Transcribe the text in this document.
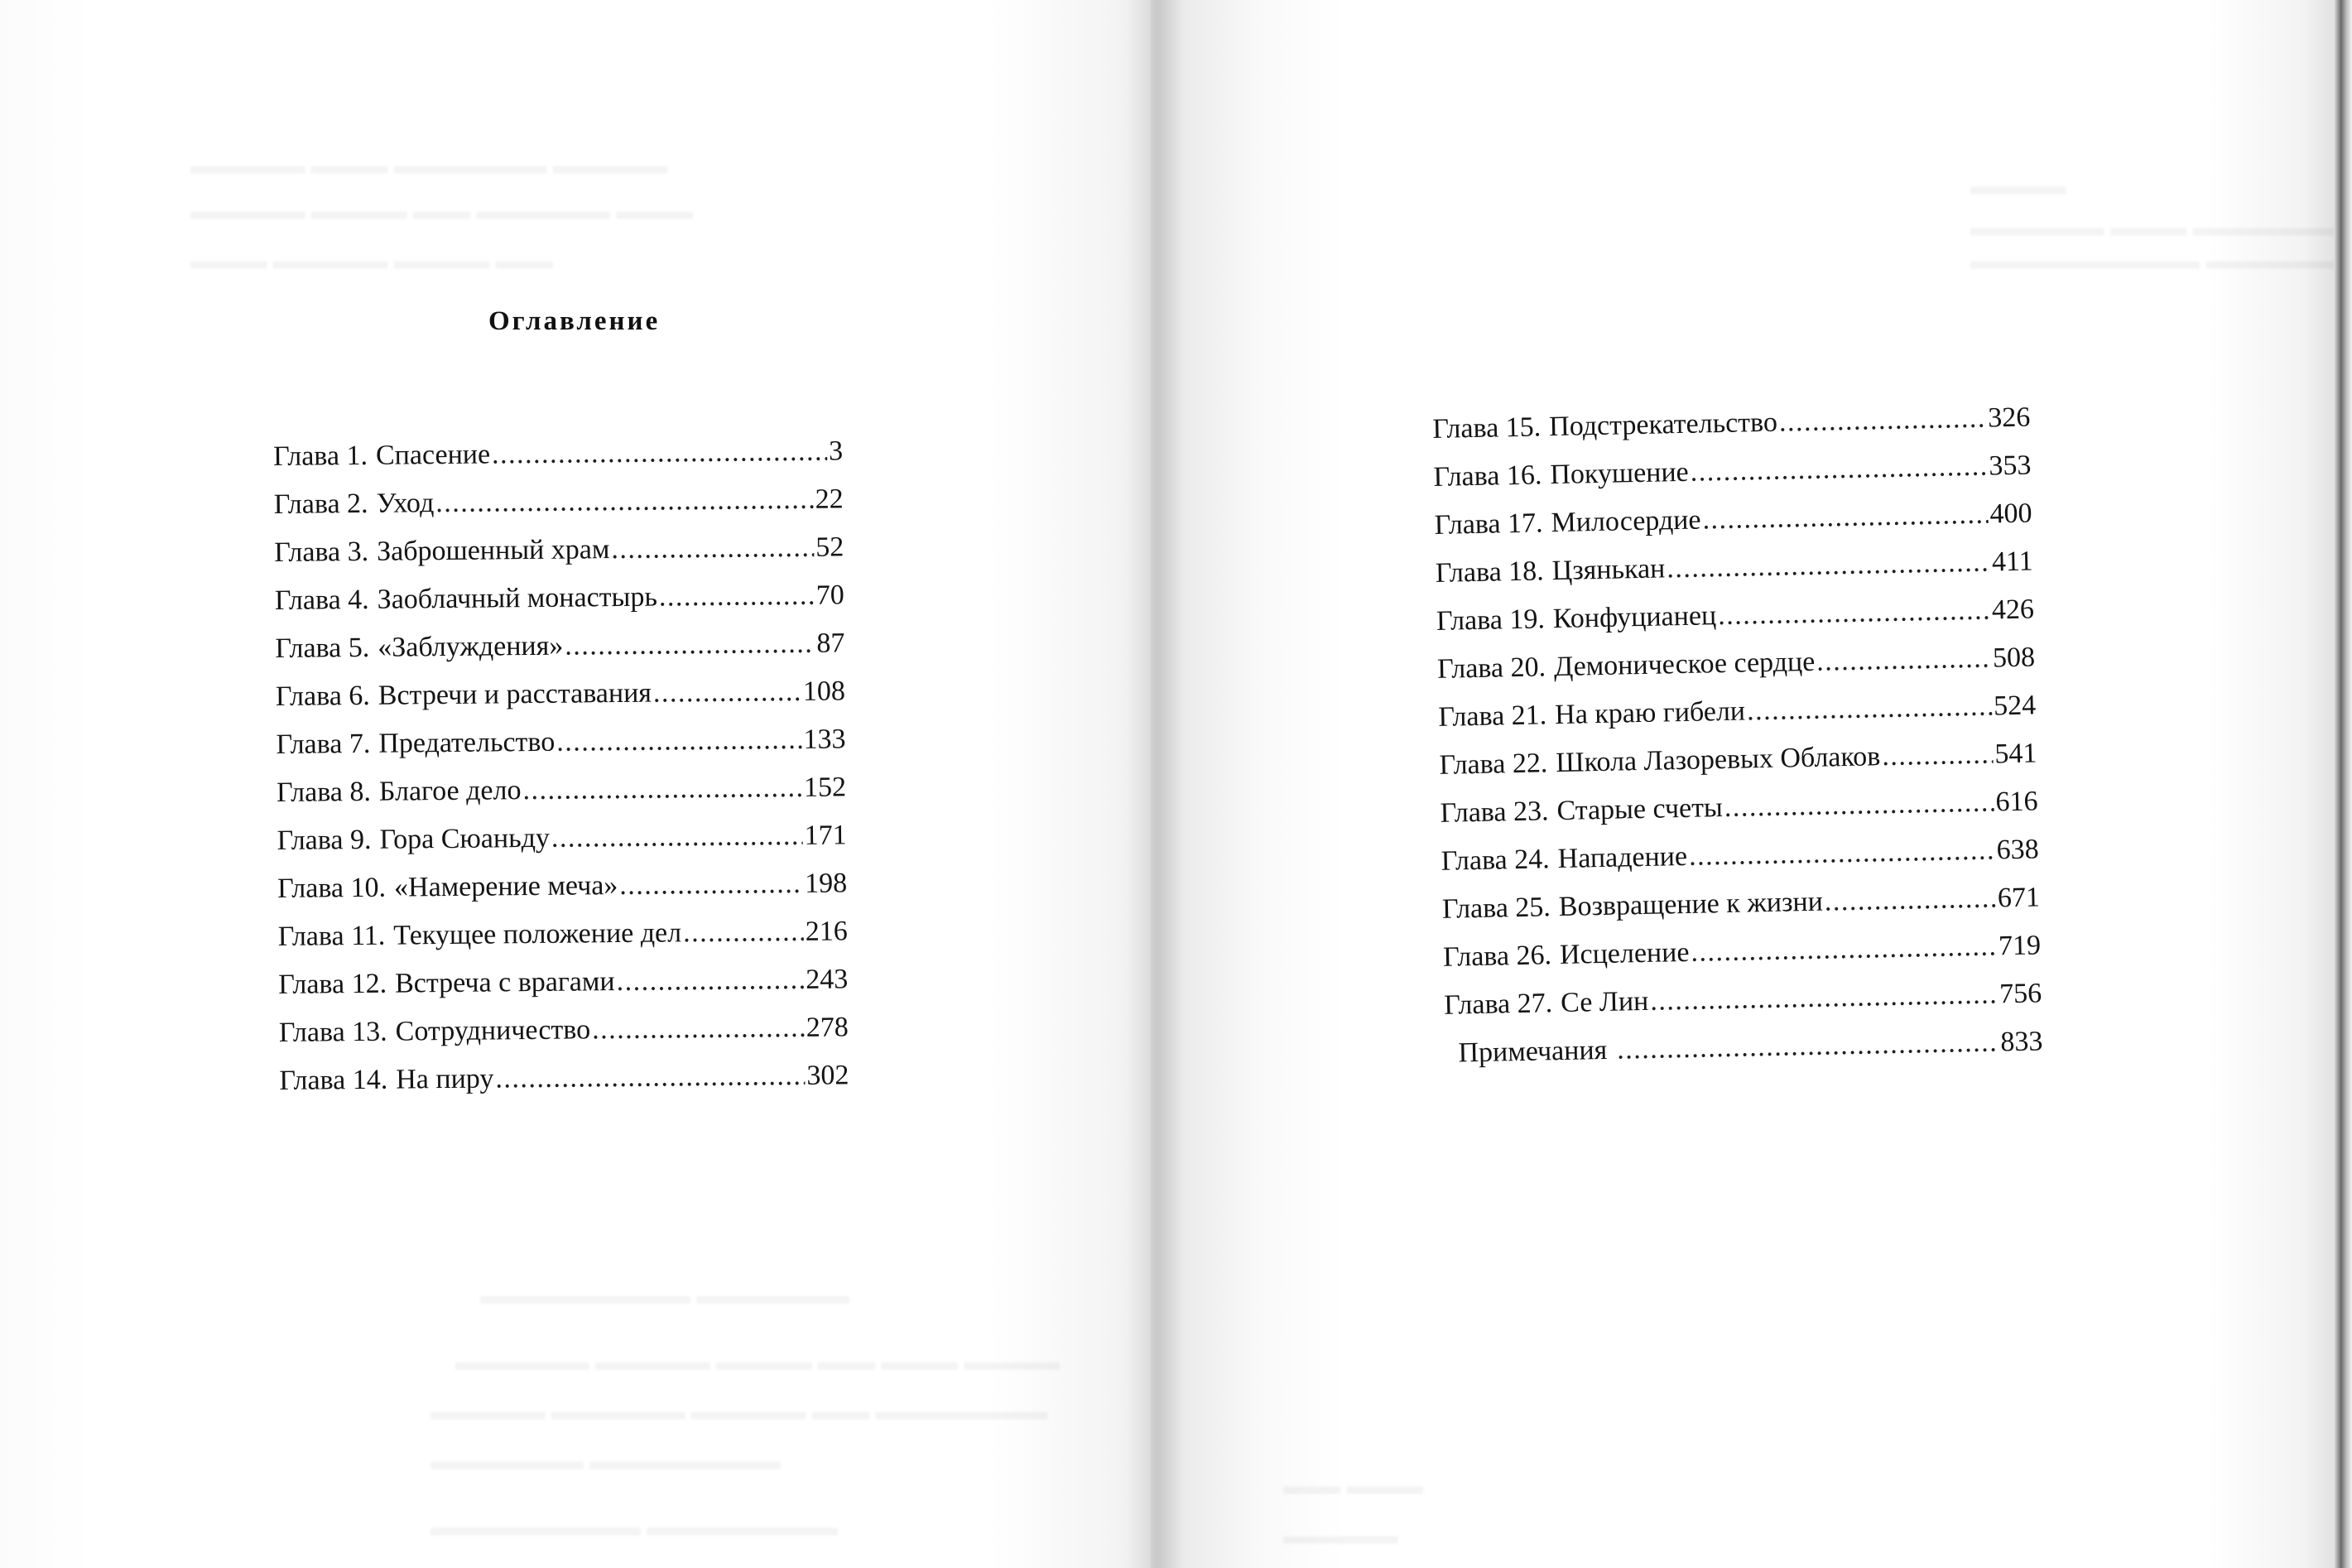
Оглавление
Глава 1. Спасение .....	3
Глава 2. Уход .....	22
Глава 3. Заброшенный храм .....	52
Глава 4. Заоблачный монастырь .....	70
Глава 5. «Заблуждения» .....	87
Глава 6. Встречи и расставания .....	108
Глава 7. Предательство .....	133
Глава 8. Благое дело .....	152
Глава 9. Гора Сюаньду .....	171
Глава 10. «Намерение меча» .....	198
Глава 11. Текущее положение дел .....	216
Глава 12. Встреча с врагами .....	243
Глава 13. Сотрудничество .....	278
Глава 14. На пиру .....	302
Глава 15. Подстрекательство .....	326
Глава 16. Покушение .....	353
Глава 17. Милосердие .....	400
Глава 18. Цзянькан .....	411
Глава 19. Конфуцианец .....	426
Глава 20. Демоническое сердце .....	508
Глава 21. На краю гибели .....	524
Глава 22. Школа Лазоревых Облаков .....	541
Глава 23. Старые счеты .....	616
Глава 24. Нападение .....	638
Глава 25. Возвращение к жизни .....	671
Глава 26. Исцеление .....	719
Глава 27. Се Лин .....	756
Примечания .....	833
